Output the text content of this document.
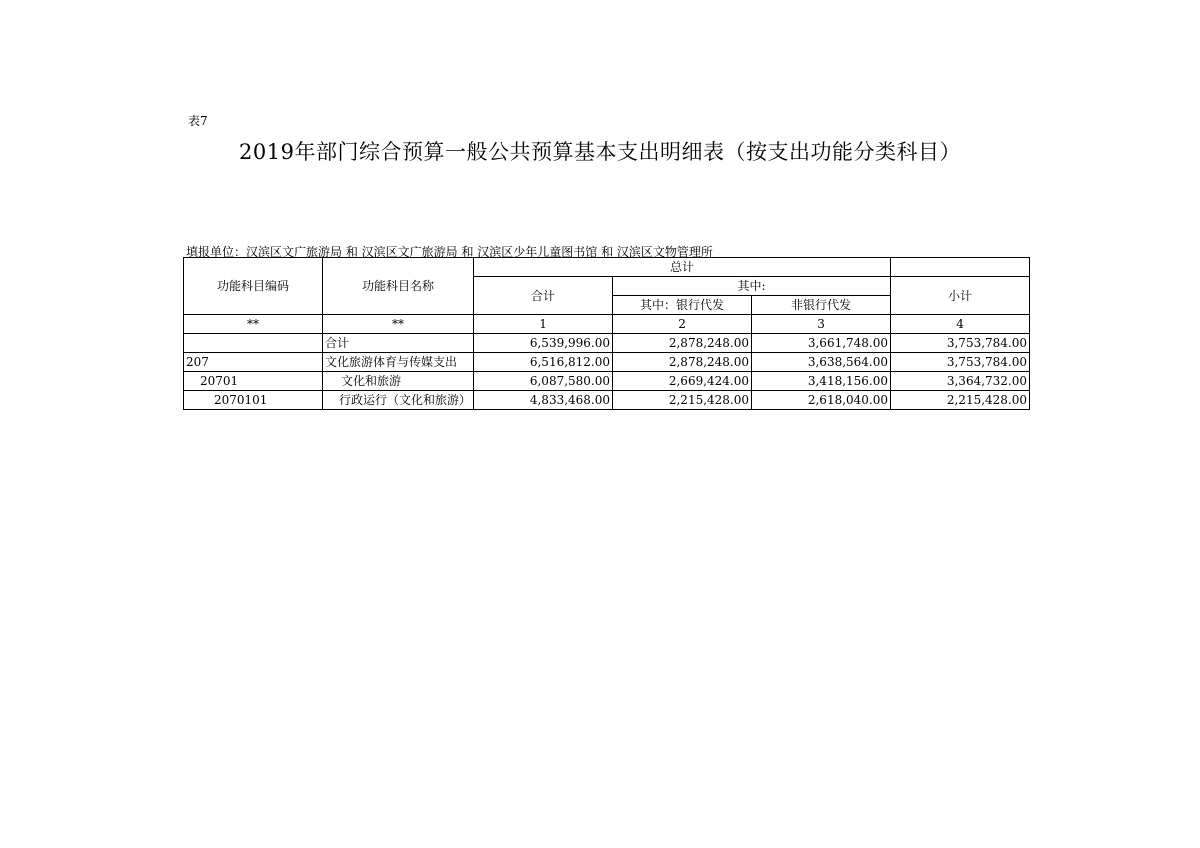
表7
2019年部门综合预算一般公共预算基本支出明细表（按支出功能分类科目）
填报单位：汉滨区文广旅游局 和 汉滨区文广旅游局 和 汉滨区少年儿童图书馆 和 汉滨区文物管理所
功能科目编码	功能科目名称	总计			
		合计	其中:		小计
			其中：银行代发	非银行代发	
**	**	1	2	3	4
	合计	6,539,996.00	2,878,248.00	3,661,748.00	3,753,784.00
207	文化旅游体育与传媒支出	6,516,812.00	2,878,248.00	3,638,564.00	3,753,784.00
20701	文化和旅游	6,087,580.00	2,669,424.00	3,418,156.00	3,364,732.00
2070101	行政运行（文化和旅游）	4,833,468.00	2,215,428.00	2,618,040.00	2,215,428.00
